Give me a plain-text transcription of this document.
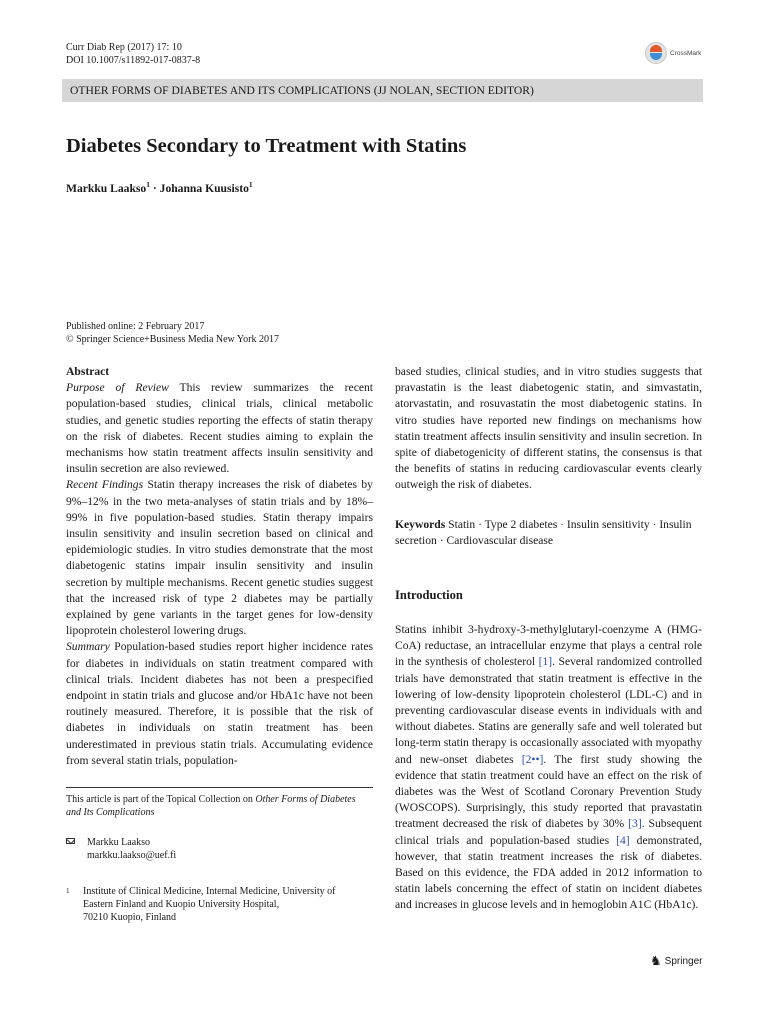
Curr Diab Rep (2017) 17: 10
DOI 10.1007/s11892-017-0837-8
CrossMark
OTHER FORMS OF DIABETES AND ITS COMPLICATIONS (JJ NOLAN, SECTION EDITOR)
Diabetes Secondary to Treatment with Statins
Markku Laakso$^1$ · Johanna Kuusisto$^1$
Published online: 2 February 2017
© Springer Science+Business Media New York 2017
Abstract

Purpose of Review This review summarizes the recent population-based studies, clinical trials, clinical metabolic studies, and genetic studies reporting the effects of statin therapy on the risk of diabetes. Recent studies aiming to explain the mechanisms how statin treatment affects insulin sensitivity and insulin secretion are also reviewed.

Recent Findings Statin therapy increases the risk of diabetes by 9%–12% in the two meta-analyses of statin trials and by 18%–99% in five population-based studies. Statin therapy impairs insulin sensitivity and insulin secretion based on clinical and epidemiologic studies. In vitro studies demonstrate that the most diabetogenic statins impair insulin sensitivity and insulin secretion by multiple mechanisms. Recent genetic studies suggest that the increased risk of type 2 diabetes may be partially explained by gene variants in the target genes for low-density lipoprotein cholesterol lowering drugs.

Summary Population-based studies report higher incidence rates for diabetes in individuals on statin treatment compared with clinical trials. Incident diabetes has not been a prespecified endpoint in statin trials and glucose and/or HbA1c have not been routinely measured. Therefore, it is possible that the risk of diabetes in individuals on statin treatment has been underestimated in previous statin trials. Accumulating evidence from several statin trials, population-

based studies, clinical studies, and in vitro studies suggests that pravastatin is the least diabetogenic statin, and simvastatin, atorvastatin, and rosuvastatin the most diabetogenic statins. In vitro studies have reported new findings on mechanisms how statin treatment affects insulin sensitivity and insulin secretion. In spite of diabetogenicity of different statins, the consensus is that the benefits of statins in reducing cardiovascular events clearly outweigh the risk of diabetes.

Keywords Statin · Type 2 diabetes · Insulin sensitivity · Insulin secretion · Cardiovascular disease
Introduction
Statins inhibit 3-hydroxy-3-methylglutaryl-coenzyme A (HMG-CoA) reductase, an intracellular enzyme that plays a central role in the synthesis of cholesterol [1]. Several randomized controlled trials have demonstrated that statin treatment is effective in the lowering of low-density lipoprotein cholesterol (LDL-C) and in preventing cardiovascular disease events in individuals with and without diabetes. Statins are generally safe and well tolerated but long-term statin therapy is occasionally associated with myopathy and new-onset diabetes [2••]. The first study showing the evidence that statin treatment could have an effect on the risk of diabetes was the West of Scotland Coronary Prevention Study (WOSCOPS). Surprisingly, this study reported that pravastatin treatment decreased the risk of diabetes by 30% [3]. Subsequent clinical trials and population-based studies [4] demonstrated, however, that statin treatment increases the risk of diabetes. Based on this evidence, the FDA added in 2012 information to statin labels concerning the effect of statin on incident diabetes and increases in glucose levels and in hemoglobin A1C (HbA1c).
This article is part of the Topical Collection on Other Forms of Diabetes and Its Complications
Markku Laakso
markku.laakso@uef.fi
1 Institute of Clinical Medicine, Internal Medicine, University of
Eastern Finland and Kuopio University Hospital,
70210 Kuopio, Finland
♞ Springer
